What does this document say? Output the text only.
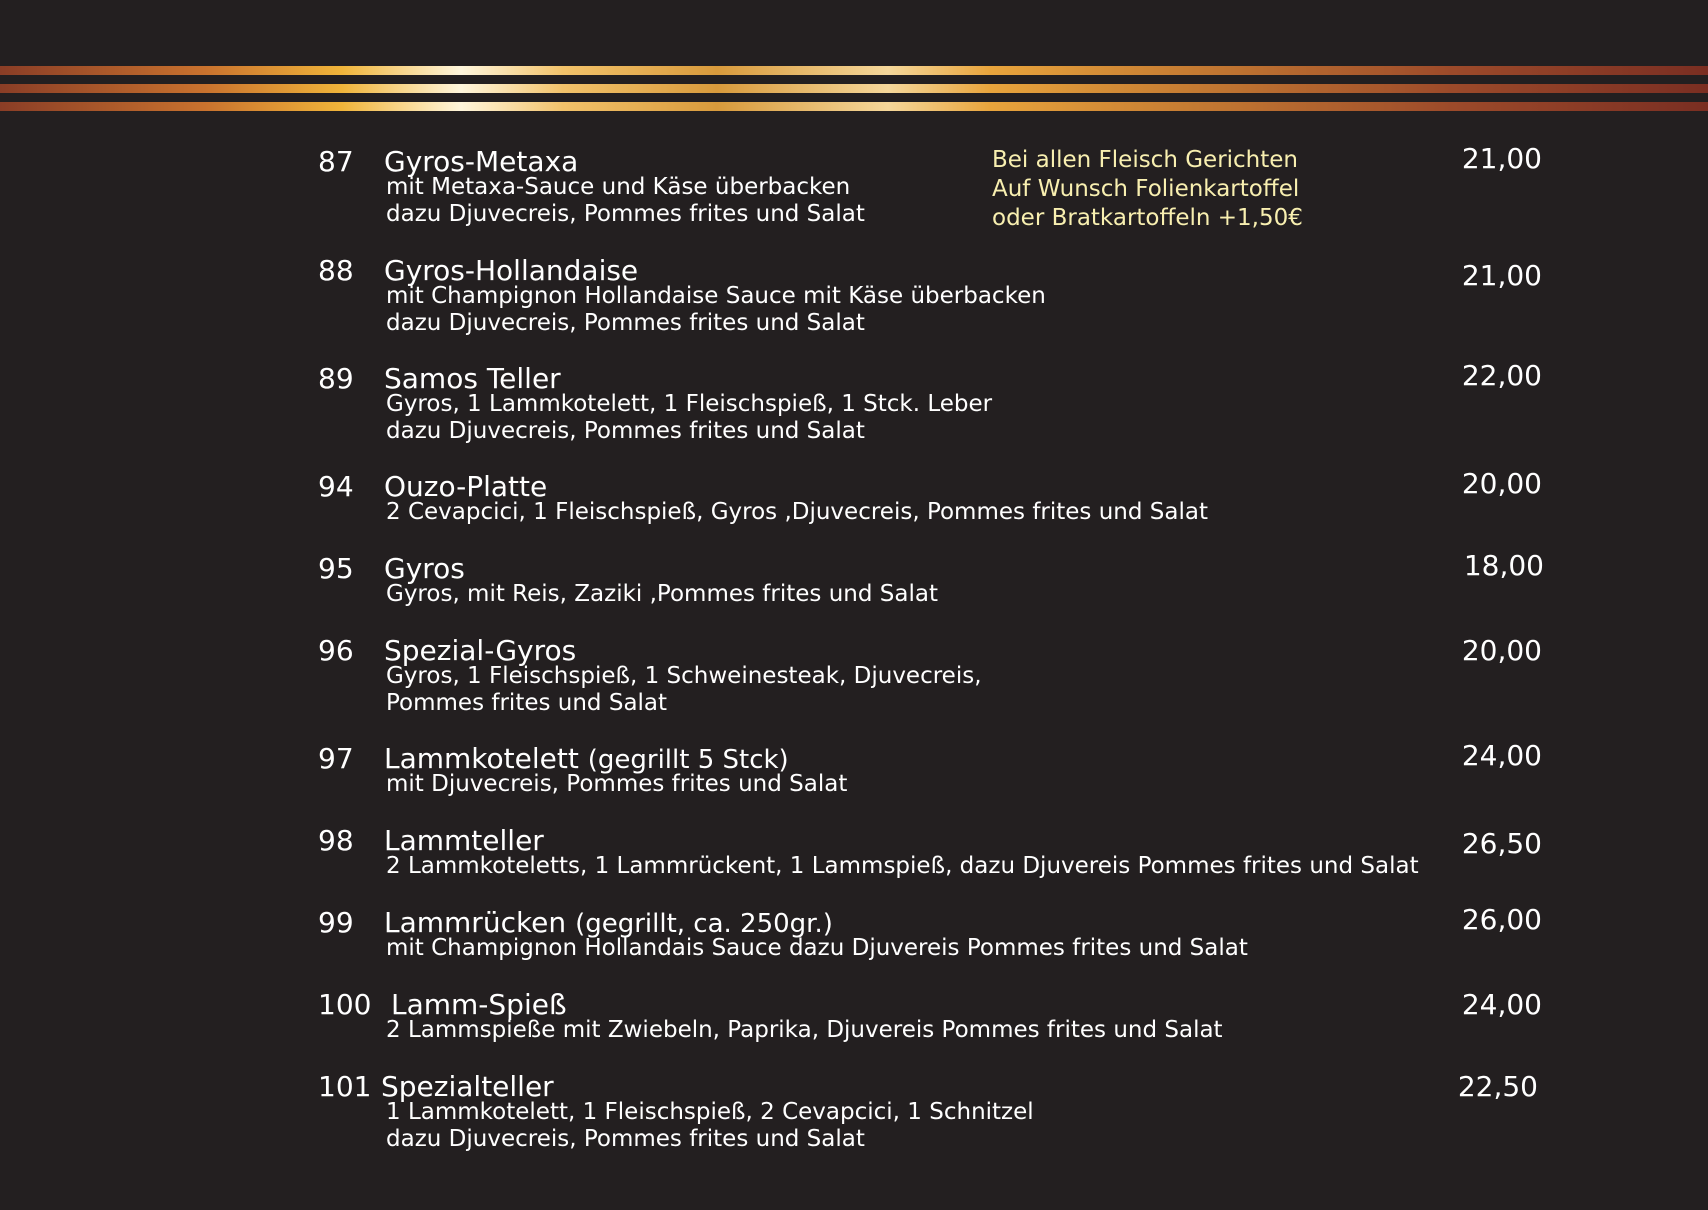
Bei allen Fleisch Gerichten
Auf Wunsch Folienkartoffel
oder Bratkartoffeln +1,50€
87 Gyros-Metaxa	21,00
mit Metaxa-Sauce und Käse überbacken
dazu Djuvecreis, Pommes frites und Salat
88 Gyros-Hollandaise	21,00
mit Champignon Hollandaise Sauce mit Käse überbacken
dazu Djuvecreis, Pommes frites und Salat
89 Samos Teller	22,00
Gyros, 1 Lammkotelett, 1 Fleischspieß, 1 Stck. Leber
dazu Djuvecreis, Pommes frites und Salat
94 Ouzo-Platte	20,00
2 Cevapcici, 1 Fleischspieß, Gyros ,Djuvecreis, Pommes frites und Salat
95 Gyros	18,00
Gyros, mit Reis, Zaziki ,Pommes frites und Salat
96 Spezial-Gyros	20,00
Gyros, 1 Fleischspieß, 1 Schweinesteak, Djuvecreis,
Pommes frites und Salat
97 Lammkotelett (gegrillt 5 Stck)	24,00
mit Djuvecreis, Pommes frites und Salat
98 Lammteller	26,50
2 Lammkoteletts, 1 Lammrückent, 1 Lammspieß, dazu Djuvereis Pommes frites und Salat
99 Lammrücken (gegrillt, ca. 250gr.)	26,00
mit Champignon Hollandais Sauce dazu Djuvereis Pommes frites und Salat
100 Lamm-Spieß	24,00
2 Lammspieße mit Zwiebeln, Paprika, Djuvereis Pommes frites und Salat
101 Spezialteller	22,50
1 Lammkotelett, 1 Fleischspieß, 2 Cevapcici, 1 Schnitzel
dazu Djuvecreis, Pommes frites und Salat
